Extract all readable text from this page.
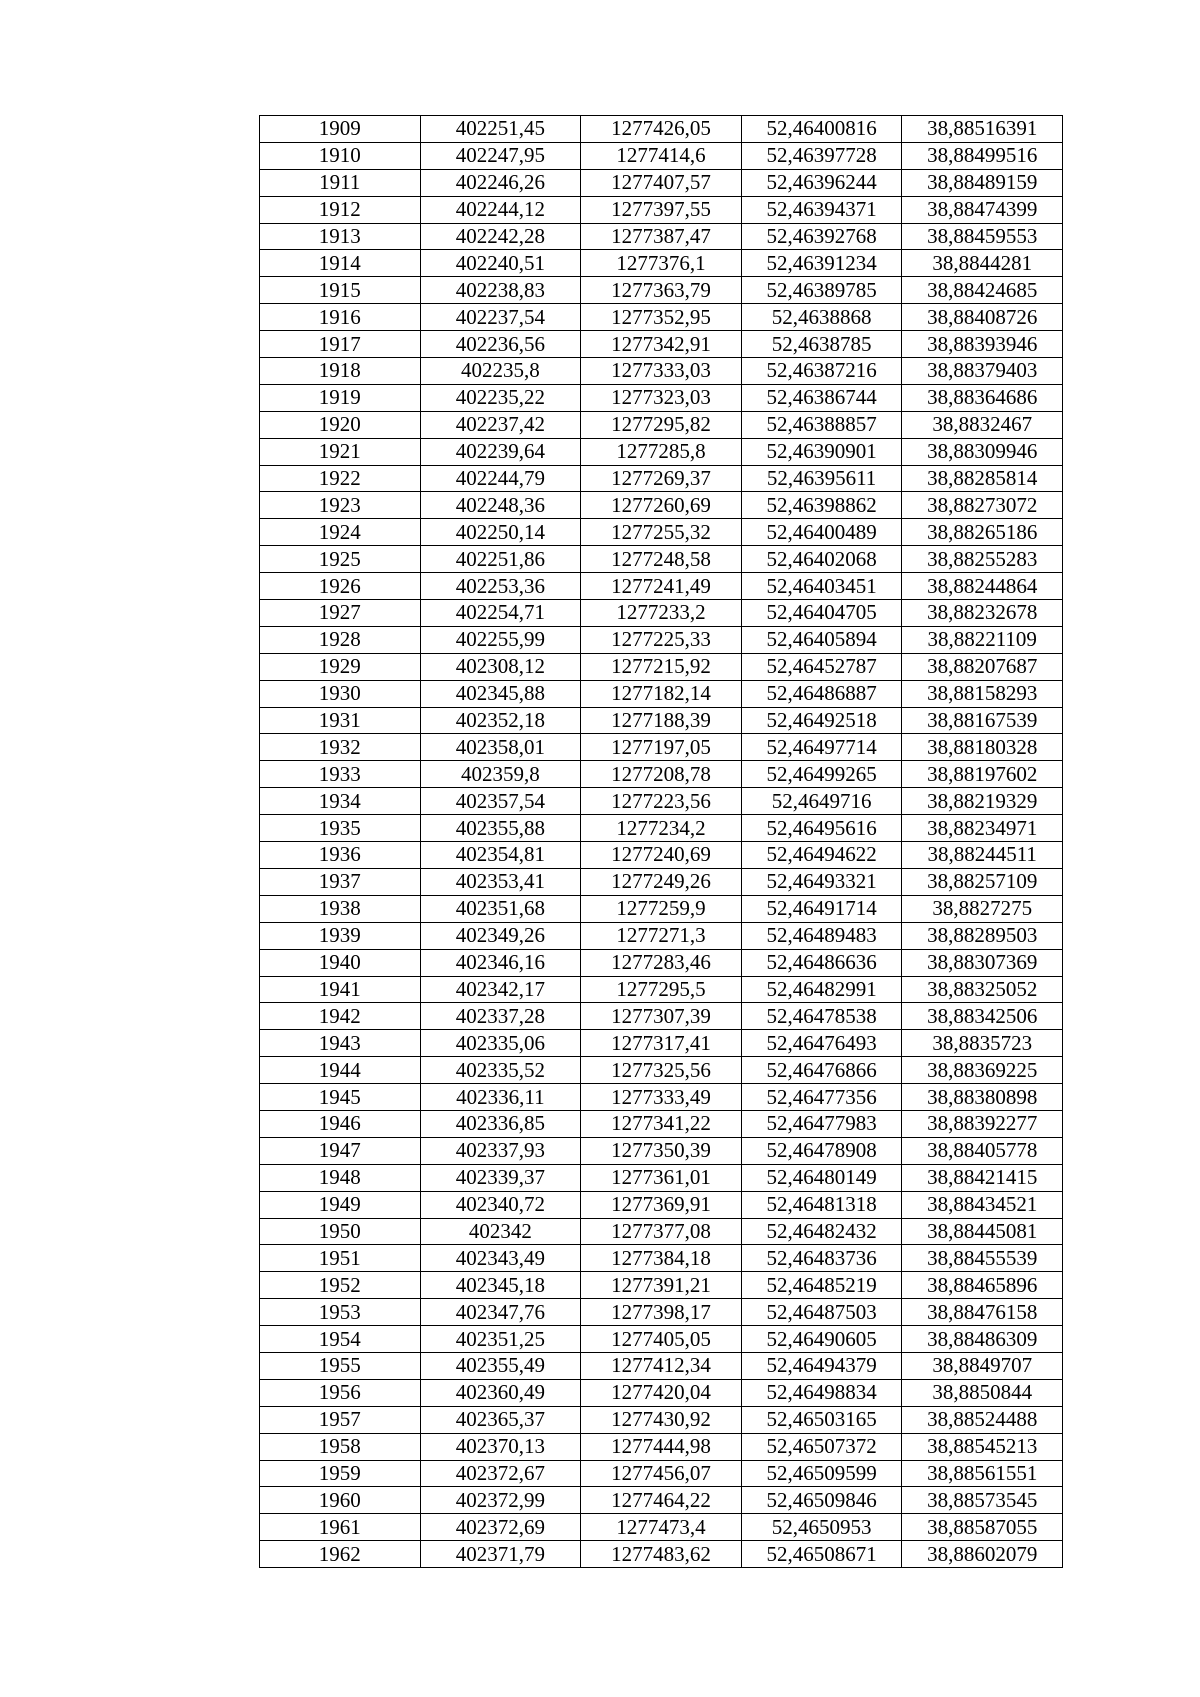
1909	402251,45	1277426,05	52,46400816	38,88516391
1910	402247,95	1277414,6	52,46397728	38,88499516
1911	402246,26	1277407,57	52,46396244	38,88489159
1912	402244,12	1277397,55	52,46394371	38,88474399
1913	402242,28	1277387,47	52,46392768	38,88459553
1914	402240,51	1277376,1	52,46391234	38,8844281
1915	402238,83	1277363,79	52,46389785	38,88424685
1916	402237,54	1277352,95	52,4638868	38,88408726
1917	402236,56	1277342,91	52,4638785	38,88393946
1918	402235,8	1277333,03	52,46387216	38,88379403
1919	402235,22	1277323,03	52,46386744	38,88364686
1920	402237,42	1277295,82	52,46388857	38,8832467
1921	402239,64	1277285,8	52,46390901	38,88309946
1922	402244,79	1277269,37	52,46395611	38,88285814
1923	402248,36	1277260,69	52,46398862	38,88273072
1924	402250,14	1277255,32	52,46400489	38,88265186
1925	402251,86	1277248,58	52,46402068	38,88255283
1926	402253,36	1277241,49	52,46403451	38,88244864
1927	402254,71	1277233,2	52,46404705	38,88232678
1928	402255,99	1277225,33	52,46405894	38,88221109
1929	402308,12	1277215,92	52,46452787	38,88207687
1930	402345,88	1277182,14	52,46486887	38,88158293
1931	402352,18	1277188,39	52,46492518	38,88167539
1932	402358,01	1277197,05	52,46497714	38,88180328
1933	402359,8	1277208,78	52,46499265	38,88197602
1934	402357,54	1277223,56	52,4649716	38,88219329
1935	402355,88	1277234,2	52,46495616	38,88234971
1936	402354,81	1277240,69	52,46494622	38,88244511
1937	402353,41	1277249,26	52,46493321	38,88257109
1938	402351,68	1277259,9	52,46491714	38,8827275
1939	402349,26	1277271,3	52,46489483	38,88289503
1940	402346,16	1277283,46	52,46486636	38,88307369
1941	402342,17	1277295,5	52,46482991	38,88325052
1942	402337,28	1277307,39	52,46478538	38,88342506
1943	402335,06	1277317,41	52,46476493	38,8835723
1944	402335,52	1277325,56	52,46476866	38,88369225
1945	402336,11	1277333,49	52,46477356	38,88380898
1946	402336,85	1277341,22	52,46477983	38,88392277
1947	402337,93	1277350,39	52,46478908	38,88405778
1948	402339,37	1277361,01	52,46480149	38,88421415
1949	402340,72	1277369,91	52,46481318	38,88434521
1950	402342	1277377,08	52,46482432	38,88445081
1951	402343,49	1277384,18	52,46483736	38,88455539
1952	402345,18	1277391,21	52,46485219	38,88465896
1953	402347,76	1277398,17	52,46487503	38,88476158
1954	402351,25	1277405,05	52,46490605	38,88486309
1955	402355,49	1277412,34	52,46494379	38,8849707
1956	402360,49	1277420,04	52,46498834	38,8850844
1957	402365,37	1277430,92	52,46503165	38,88524488
1958	402370,13	1277444,98	52,46507372	38,88545213
1959	402372,67	1277456,07	52,46509599	38,88561551
1960	402372,99	1277464,22	52,46509846	38,88573545
1961	402372,69	1277473,4	52,4650953	38,88587055
1962	402371,79	1277483,62	52,46508671	38,88602079
